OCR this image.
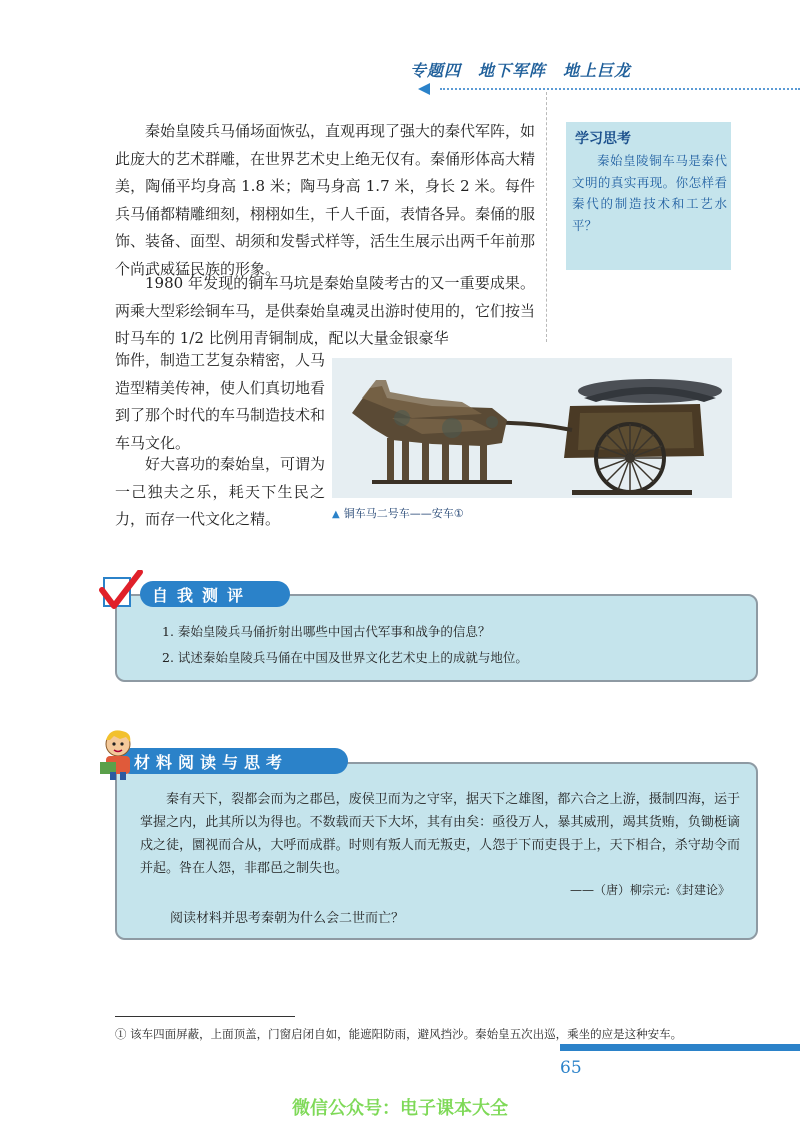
专题四　地下军阵　地上巨龙

秦始皇陵兵马俑场面恢弘，直观再现了强大的秦代军阵，如此庞大的艺术群雕，在世界艺术史上绝无仅有。秦俑形体高大精美，陶俑平均身高 1.8 米；陶马身高 1.7 米，身长 2 米。每件兵马俑都精雕细刻，栩栩如生，千人千面，表情各异。秦俑的服饰、装备、面型、胡须和发髻式样等，活生生展示出两千年前那个尚武威猛民族的形象。

1980 年发现的铜车马坑是秦始皇陵考古的又一重要成果。两乘大型彩绘铜车马，是供秦始皇魂灵出游时使用的，它们按当时马车的 1/2 比例用青铜制成，配以大量金银豪华

饰件，制造工艺复杂精密，人马造型精美传神，使人们真切地看到了那个时代的车马制造技术和车马文化。

好大喜功的秦始皇，可谓为一己独夫之乐，耗天下生民之力，而存一代文化之精。

学习思考

秦始皇陵铜车马是秦代文明的真实再现。你怎样看秦代的制造技术和工艺水平？

▲ 铜车马二号车——安车①
自我测评
1. 秦始皇陵兵马俑折射出哪些中国古代军事和战争的信息？
2. 试述秦始皇陵兵马俑在中国及世界文化艺术史上的成就与地位。
材料阅读与思考

秦有天下，裂都会而为之郡邑，废侯卫而为之守宰，据天下之雄图，都六合之上游，摄制四海，运于掌握之内，此其所以为得也。不数载而天下大坏，其有由矣：亟役万人，暴其威刑，竭其货贿，负锄梃谪戍之徒，圜视而合从，大呼而成群。时则有叛人而无叛吏，人怨于下而吏畏于上，天下相合，杀守劫令而并起。咎在人怨，非郡邑之制失也。

——（唐）柳宗元:《封建论》
阅读材料并思考秦朝为什么会二世而亡？
① 该车四面屏蔽，上面顶盖，门窗启闭自如，能遮阳防雨，避风挡沙。秦始皇五次出巡，乘坐的应是这种安车。
65
微信公众号：电子课本大全
